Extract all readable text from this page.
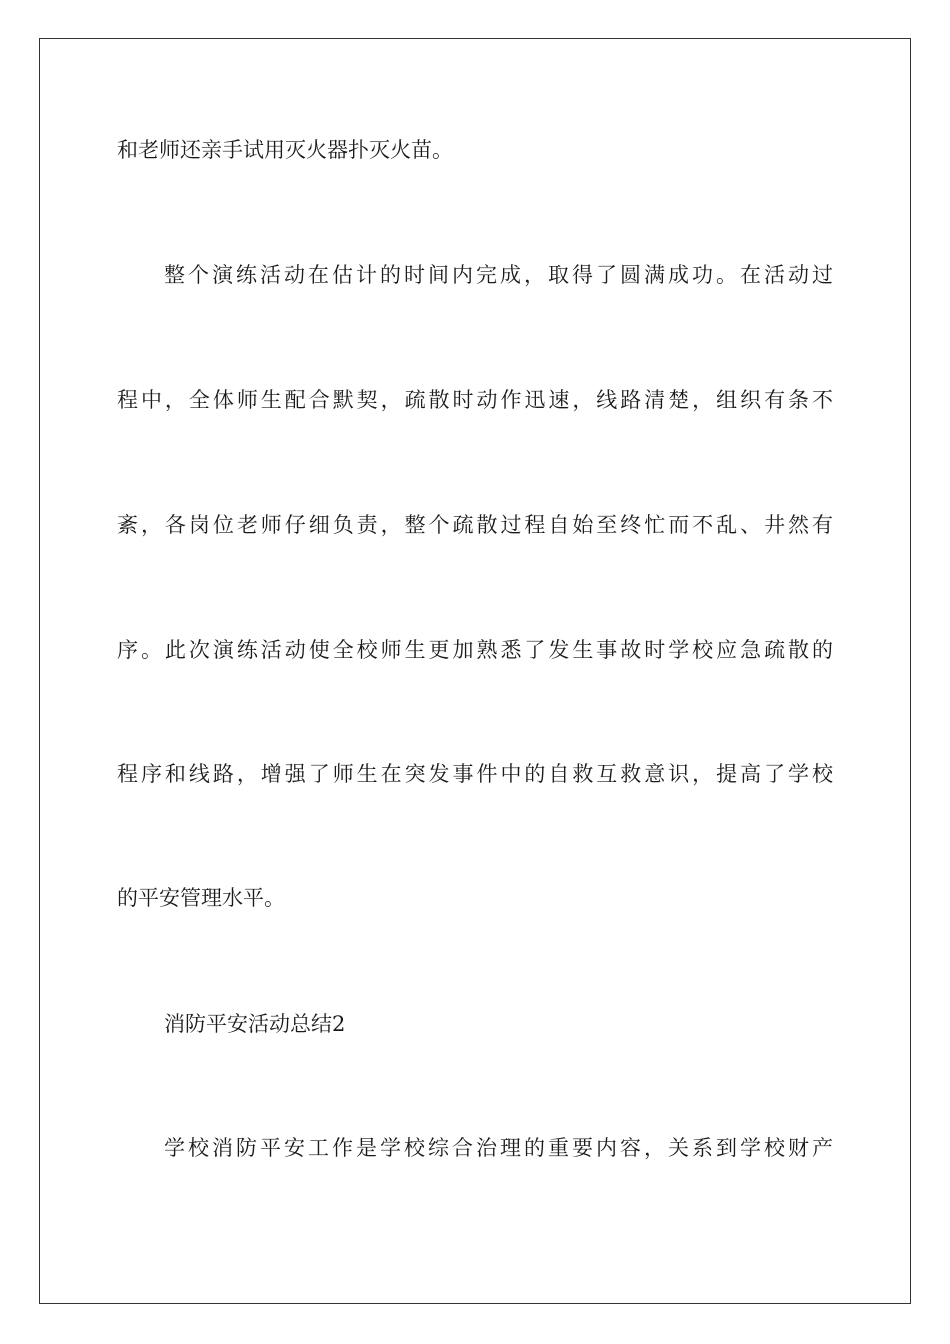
和老师还亲手试用灭火器扑灭火苗。
整个演练活动在估计的时间内完成，取得了圆满成功。在活动过
程中，全体师生配合默契，疏散时动作迅速，线路清楚，组织有条不
紊，各岗位老师仔细负责，整个疏散过程自始至终忙而不乱、井然有
序。此次演练活动使全校师生更加熟悉了发生事故时学校应急疏散的
程序和线路，增强了师生在突发事件中的自救互救意识，提高了学校
的平安管理水平。
消防平安活动总结2
学校消防平安工作是学校综合治理的重要内容，关系到学校财产
